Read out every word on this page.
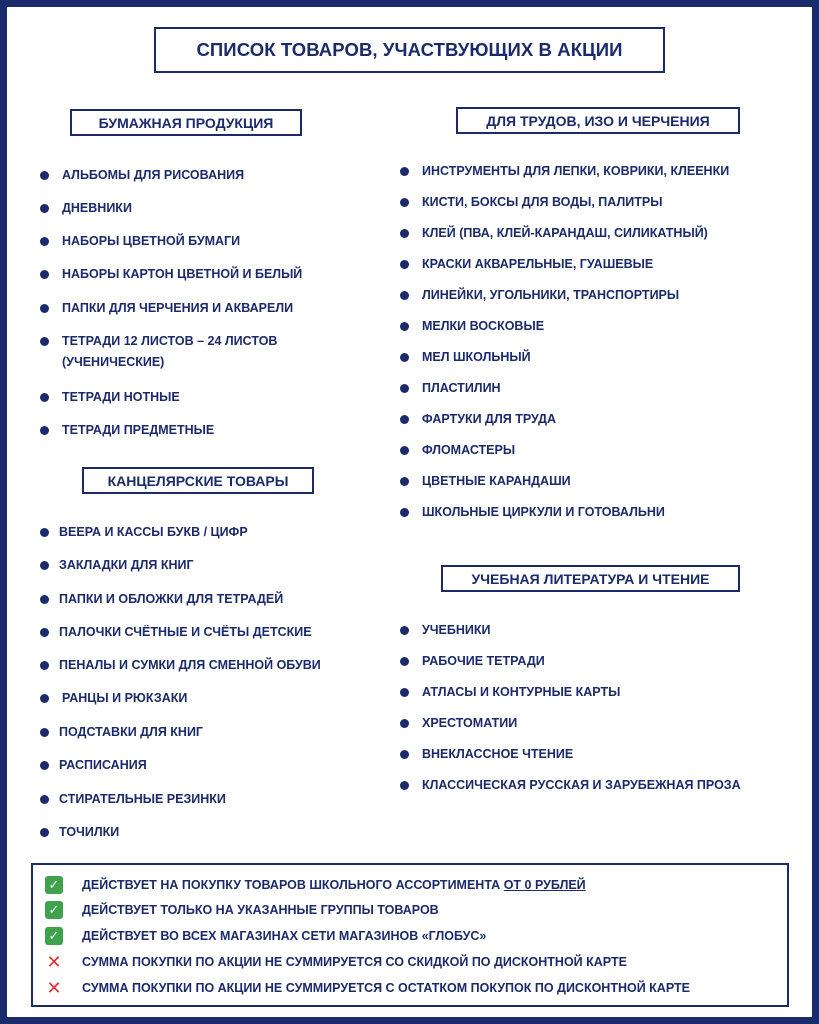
СПИСОК ТОВАРОВ, УЧАСТВУЮЩИХ В АКЦИИ
БУМАЖНАЯ ПРОДУКЦИЯ
АЛЬБОМЫ ДЛЯ РИСОВАНИЯ
ДНЕВНИКИ
НАБОРЫ ЦВЕТНОЙ БУМАГИ
НАБОРЫ КАРТОН ЦВЕТНОЙ И БЕЛЫЙ
ПАПКИ ДЛЯ ЧЕРЧЕНИЯ И АКВАРЕЛИ
ТЕТРАДИ 12 ЛИСТОВ – 24 ЛИСТОВ (УЧЕНИЧЕСКИЕ)
ТЕТРАДИ НОТНЫЕ
ТЕТРАДИ ПРЕДМЕТНЫЕ
КАНЦЕЛЯРСКИЕ ТОВАРЫ
ВЕЕРА И КАССЫ БУКВ / ЦИФР
ЗАКЛАДКИ ДЛЯ КНИГ
ПАПКИ И ОБЛОЖКИ ДЛЯ ТЕТРАДЕЙ
ПАЛОЧКИ СЧЁТНЫЕ И СЧЁТЫ ДЕТСКИЕ
ПЕНАЛЫ И СУМКИ ДЛЯ СМЕННОЙ ОБУВИ
РАНЦЫ И РЮКЗАКИ
ПОДСТАВКИ ДЛЯ КНИГ
РАСПИСАНИЯ
СТИРАТЕЛЬНЫЕ РЕЗИНКИ
ТОЧИЛКИ
ДЛЯ ТРУДОВ, ИЗО И ЧЕРЧЕНИЯ
ИНСТРУМЕНТЫ ДЛЯ ЛЕПКИ, КОВРИКИ, КЛЕЕНКИ
КИСТИ, БОКСЫ ДЛЯ ВОДЫ, ПАЛИТРЫ
КЛЕЙ (ПВА, КЛЕЙ-КАРАНДАШ, СИЛИКАТНЫЙ)
КРАСКИ АКВАРЕЛЬНЫЕ, ГУАШЕВЫЕ
ЛИНЕЙКИ, УГОЛЬНИКИ, ТРАНСПОРТИРЫ
МЕЛКИ ВОСКОВЫЕ
МЕЛ ШКОЛЬНЫЙ
ПЛАСТИЛИН
ФАРТУКИ ДЛЯ ТРУДА
ФЛОМАСТЕРЫ
ЦВЕТНЫЕ КАРАНДАШИ
ШКОЛЬНЫЕ ЦИРКУЛИ И ГОТОВАЛЬНИ
УЧЕБНАЯ ЛИТЕРАТУРА И ЧТЕНИЕ
УЧЕБНИКИ
РАБОЧИЕ ТЕТРАДИ
АТЛАСЫ И КОНТУРНЫЕ КАРТЫ
ХРЕСТОМАТИИ
ВНЕКЛАССНОЕ ЧТЕНИЕ
КЛАССИЧЕСКАЯ РУССКАЯ И ЗАРУБЕЖНАЯ ПРОЗА
✓	ДЕЙСТВУЕТ НА ПОКУПКУ ТОВАРОВ ШКОЛЬНОГО АССОРТИМЕНТА ОТ 0 РУБЛЕЙ
✓	ДЕЙСТВУЕТ ТОЛЬКО НА УКАЗАННЫЕ ГРУППЫ ТОВАРОВ
✓	ДЕЙСТВУЕТ ВО ВСЕХ МАГАЗИНАХ СЕТИ МАГАЗИНОВ «ГЛОБУС»
✕	СУММА ПОКУПКИ ПО АКЦИИ НЕ СУММИРУЕТСЯ СО СКИДКОЙ ПО ДИСКОНТНОЙ КАРТЕ
✕	СУММА ПОКУПКИ ПО АКЦИИ НЕ СУММИРУЕТСЯ С ОСТАТКОМ ПОКУПОК ПО ДИСКОНТНОЙ КАРТЕ
